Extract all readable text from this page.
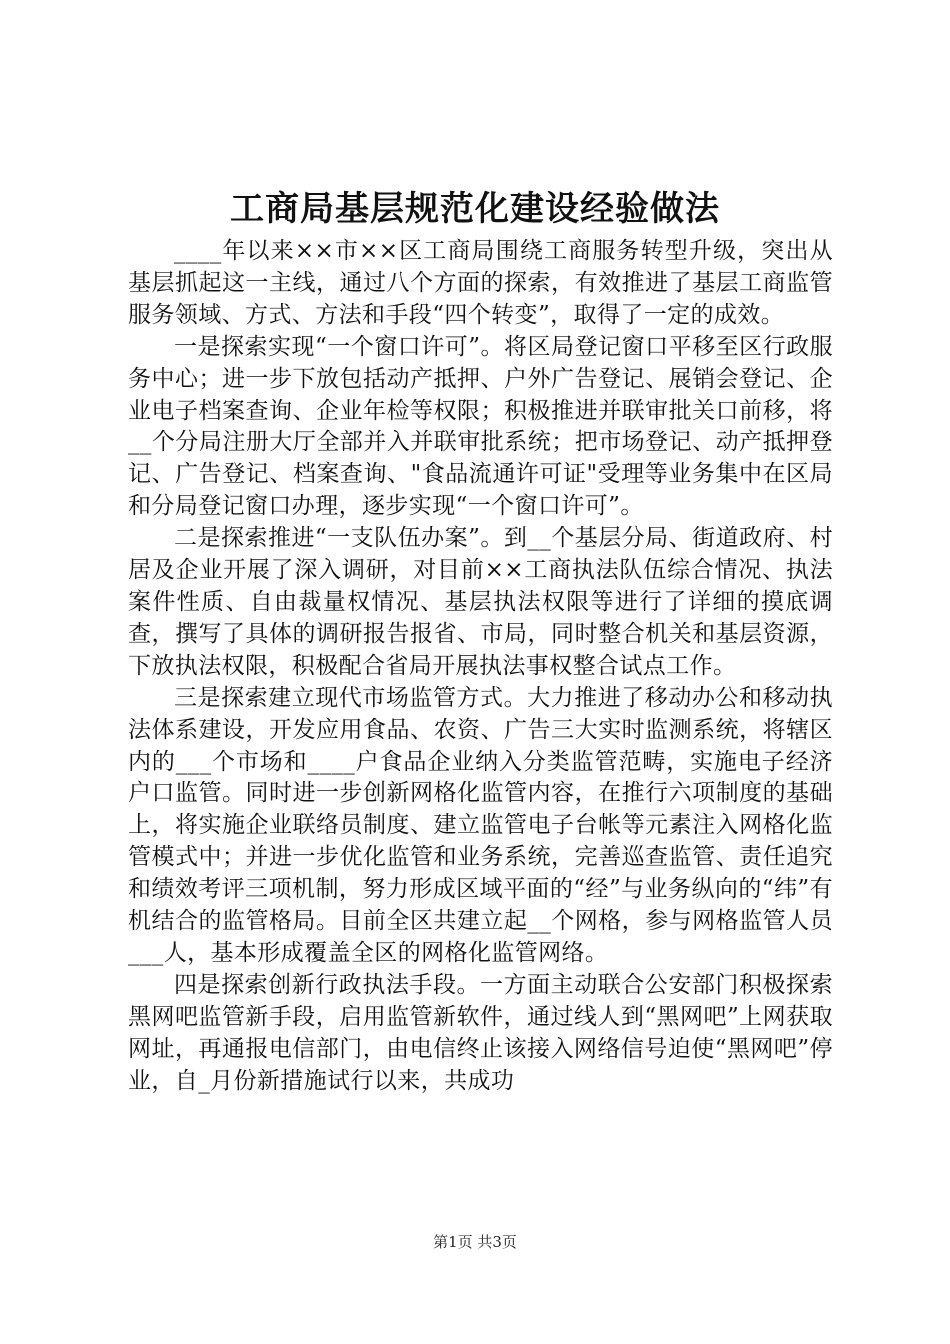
工商局基层规范化建设经验做法

____年以来××市××区工商局围绕工商服务转型升级，突出从基层抓起这一主线，通过八个方面的探索，有效推进了基层工商监管服务领域、方式、方法和手段“四个转变”，取得了一定的成效。

一是探索实现“一个窗口许可”。将区局登记窗口平移至区行政服务中心；进一步下放包括动产抵押、户外广告登记、展销会登记、企业电子档案查询、企业年检等权限；积极推进并联审批关口前移，将__个分局注册大厅全部并入并联审批系统；把市场登记、动产抵押登记、广告登记、档案查询、"食品流通许可证"受理等业务集中在区局和分局登记窗口办理，逐步实现“一个窗口许可”。

二是探索推进“一支队伍办案”。到__个基层分局、街道政府、村居及企业开展了深入调研，对目前××工商执法队伍综合情况、执法案件性质、自由裁量权情况、基层执法权限等进行了详细的摸底调查，撰写了具体的调研报告报省、市局，同时整合机关和基层资源，下放执法权限，积极配合省局开展执法事权整合试点工作。

三是探索建立现代市场监管方式。大力推进了移动办公和移动执法体系建设，开发应用食品、农资、广告三大实时监测系统，将辖区内的___个市场和____户食品企业纳入分类监管范畴，实施电子经济户口监管。同时进一步创新网格化监管内容，在推行六项制度的基础上，将实施企业联络员制度、建立监管电子台帐等元素注入网格化监管模式中；并进一步优化监管和业务系统，完善巡查监管、责任追究和绩效考评三项机制，努力形成区域平面的“经”与业务纵向的“纬”有机结合的监管格局。目前全区共建立起__个网格，参与网格监管人员___人，基本形成覆盖全区的网格化监管网络。

四是探索创新行政执法手段。一方面主动联合公安部门积极探索黑网吧监管新手段，启用监管新软件，通过线人到“黑网吧”上网获取网址，再通报电信部门，由电信终止该接入网络信号迫使“黑网吧”停业，自_月份新措施试行以来，共成功

第1页 共3页
